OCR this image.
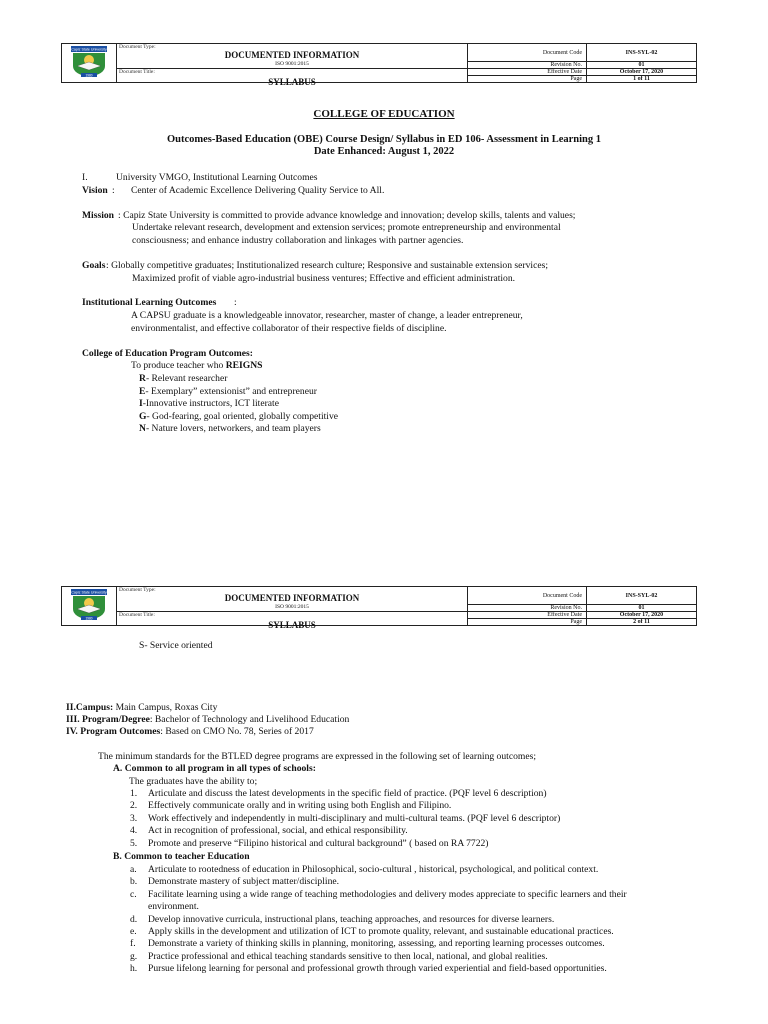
Capiz State University
1980	Document Type:
DOCUMENTED INFORMATION
ISO 9001:2015	Document Code	INS-SYL-02
		Revision No.	01

	Document Title:
SYLLABUS	Effective Date	October 17, 2020
		Page	1 of 11
COLLEGE OF EDUCATION
Outcomes-Based Education (OBE) Course Design/ Syllabus in ED 106- Assessment in Learning 1
Date Enhanced: August 1, 2022
I.	University VMGO, Institutional Learning Outcomes
Vision : Center of Academic Excellence Delivering Quality Service to All.
Mission : Capiz State University is committed to provide advance knowledge and innovation; develop skills, talents and values;
Undertake relevant research, development and extension services; promote entrepreneurship and environmental
consciousness; and enhance industry collaboration and linkages with partner agencies.
Goals : Globally competitive graduates; Institutionalized research culture; Responsive and sustainable extension services;
Maximized profit of viable agro-industrial business ventures; Effective and efficient administration.
Institutional Learning Outcomes :
A CAPSU graduate is a knowledgeable innovator, researcher, master of change, a leader entrepreneur,
environmentalist, and effective collaborator of their respective fields of discipline.
College of Education Program Outcomes:
To produce teacher who REIGNS
R- Relevant researcher
E- Exemplary” extensionist” and entrepreneur
I-Innovative instructors, ICT literate
G- God-fearing, goal oriented, globally competitive
N- Nature lovers, networkers, and team players
Capiz State University
1980	Document Type:
DOCUMENTED INFORMATION
ISO 9001:2015	Document Code	INS-SYL-02
		Revision No.	01

	Document Title:
SYLLABUS	Effective Date	October 17, 2020
		Page	2 of 11
S- Service oriented
II.Campus: Main Campus, Roxas City
III. Program/Degree: Bachelor of Technology and Livelihood Education
IV. Program Outcomes: Based on CMO No. 78, Series of 2017
The minimum standards for the BTLED degree programs are expressed in the following set of learning outcomes;
A. Common to all program in all types of schools:
The graduates have the ability to;
1. Articulate and discuss the latest developments in the specific field of practice. (PQF level 6 description)
2. Effectively communicate orally and in writing using both English and Filipino.
3. Work effectively and independently in multi-disciplinary and multi-cultural teams. (PQF level 6 descriptor)
4. Act in recognition of professional, social, and ethical responsibility.
5. Promote and preserve “Filipino historical and cultural background” ( based on RA 7722)
B. Common to teacher Education
a. Articulate to rootedness of education in Philosophical, socio-cultural , historical, psychological, and political context.
b. Demonstrate mastery of subject matter/discipline.
c. Facilitate learning using a wide range of teaching methodologies and delivery modes appreciate to specific learners and their
environment.
d. Develop innovative curricula, instructional plans, teaching approaches, and resources for diverse learners.
e. Apply skills in the development and utilization of ICT to promote quality, relevant, and sustainable educational practices.
f. Demonstrate a variety of thinking skills in planning, monitoring, assessing, and reporting learning processes outcomes.
g. Practice professional and ethical teaching standards sensitive to then local, national, and global realities.
h. Pursue lifelong learning for personal and professional growth through varied experiential and field-based opportunities.
